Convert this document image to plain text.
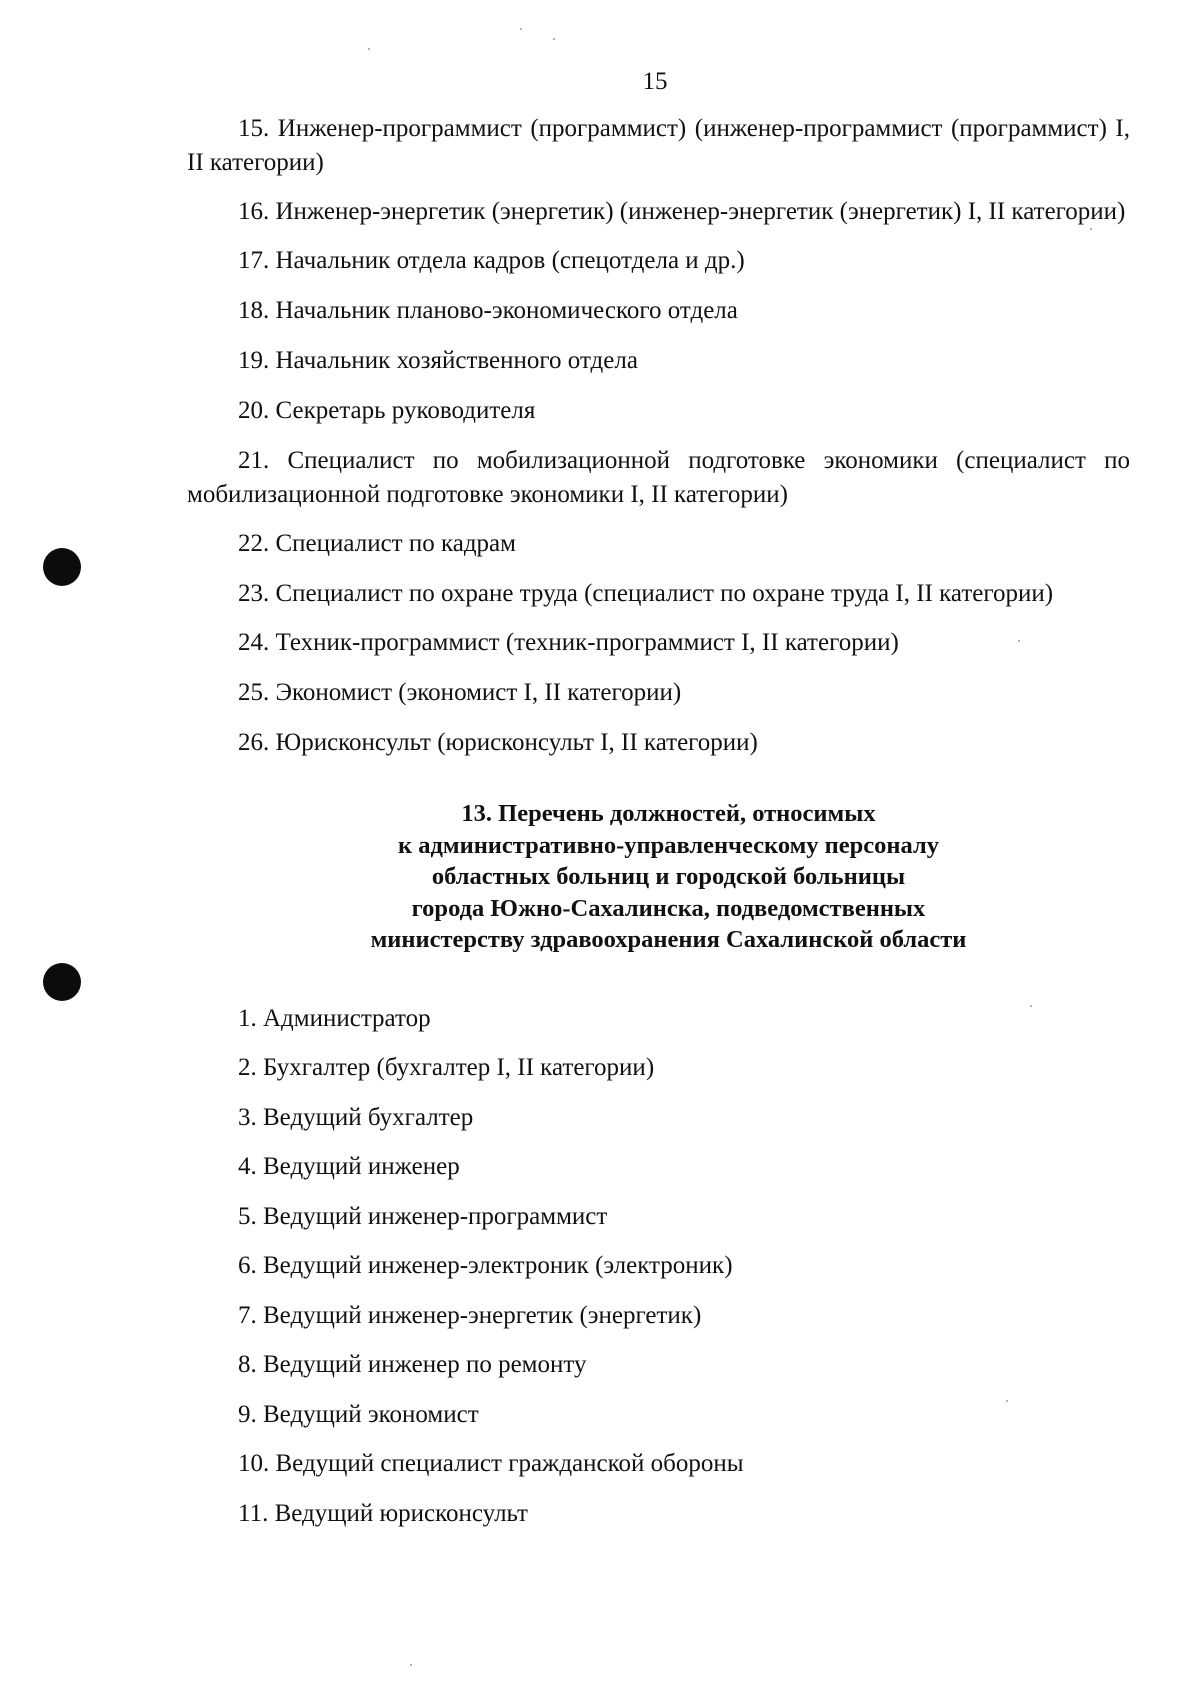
15

15. Инженер-программист (программист) (инженер-программист (программист) I, II категории)

16. Инженер-энергетик (энергетик) (инженер-энергетик (энергетик) I, II категории)

17. Начальник отдела кадров (спецотдела и др.)

18. Начальник планово-экономического отдела

19. Начальник хозяйственного отдела

20. Секретарь руководителя

21. Специалист по мобилизационной подготовке экономики (специалист по мобилизационной подготовке экономики I, II категории)

22. Специалист по кадрам

23. Специалист по охране труда (специалист по охране труда I, II категории)

24. Техник-программист (техник-программист I, II категории)

25. Экономист (экономист I, II категории)

26. Юрисконсульт (юрисконсульт I, II категории)

13. Перечень должностей, относимых
к административно-управленческому персоналу
областных больниц и городской больницы
города Южно-Сахалинска, подведомственных
министерству здравоохранения Сахалинской области

1. Администратор

2. Бухгалтер (бухгалтер I, II категории)

3. Ведущий бухгалтер

4. Ведущий инженер

5. Ведущий инженер-программист

6. Ведущий инженер-электроник (электроник)

7. Ведущий инженер-энергетик (энергетик)

8. Ведущий инженер по ремонту

9. Ведущий экономист

10. Ведущий специалист гражданской обороны

11. Ведущий юрисконсульт
